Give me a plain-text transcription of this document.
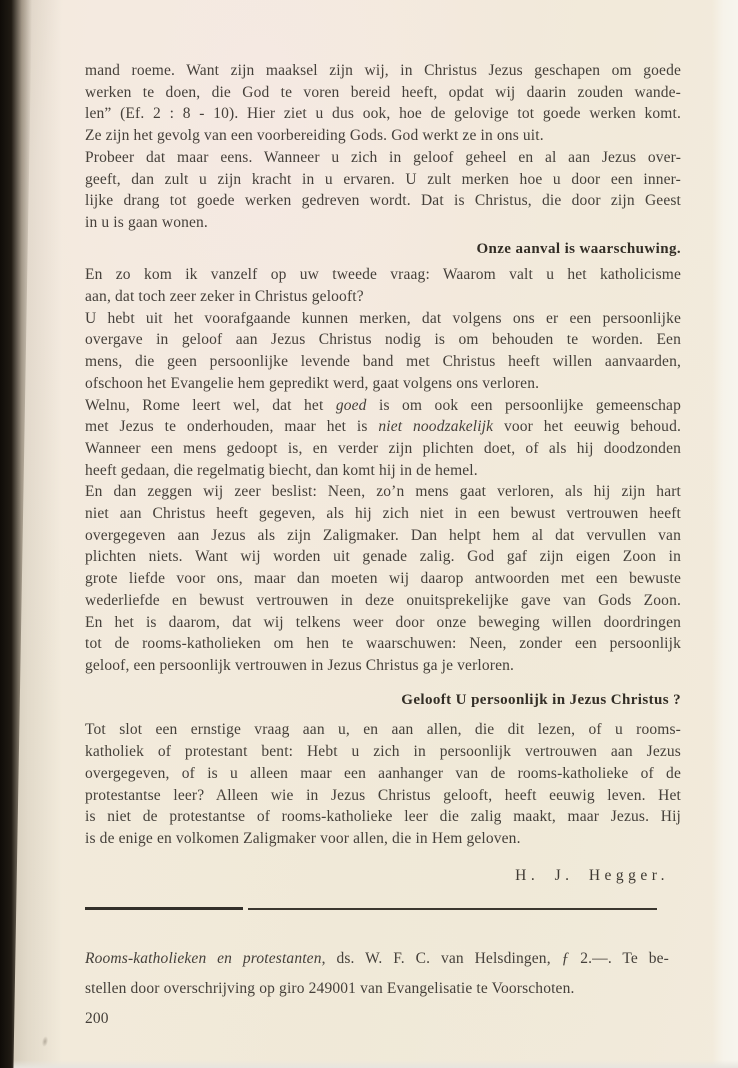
mand roeme. Want zijn maaksel zijn wij, in Christus Jezus geschapen om goede
werken te doen, die God te voren bereid heeft, opdat wij daarin zouden wande-
len” (Ef. 2 : 8 - 10). Hier ziet u dus ook, hoe de gelovige tot goede werken komt.
Ze zijn het gevolg van een voorbereiding Gods. God werkt ze in ons uit.
Probeer dat maar eens. Wanneer u zich in geloof geheel en al aan Jezus over-
geeft, dan zult u zijn kracht in u ervaren. U zult merken hoe u door een inner-
lijke drang tot goede werken gedreven wordt. Dat is Christus, die door zijn Geest
in u is gaan wonen.
Onze aanval is waarschuwing.
En zo kom ik vanzelf op uw tweede vraag: Waarom valt u het katholicisme
aan, dat toch zeer zeker in Christus gelooft?
U hebt uit het voorafgaande kunnen merken, dat volgens ons er een persoonlijke
overgave in geloof aan Jezus Christus nodig is om behouden te worden. Een
mens, die geen persoonlijke levende band met Christus heeft willen aanvaarden,
ofschoon het Evangelie hem gepredikt werd, gaat volgens ons verloren.
Welnu, Rome leert wel, dat het goed is om ook een persoonlijke gemeenschap
met Jezus te onderhouden, maar het is niet noodzakelijk voor het eeuwig behoud.
Wanneer een mens gedoopt is, en verder zijn plichten doet, of als hij doodzonden
heeft gedaan, die regelmatig biecht, dan komt hij in de hemel.
En dan zeggen wij zeer beslist: Neen, zo’n mens gaat verloren, als hij zijn hart
niet aan Christus heeft gegeven, als hij zich niet in een bewust vertrouwen heeft
overgegeven aan Jezus als zijn Zaligmaker. Dan helpt hem al dat vervullen van
plichten niets. Want wij worden uit genade zalig. God gaf zijn eigen Zoon in
grote liefde voor ons, maar dan moeten wij daarop antwoorden met een bewuste
wederliefde en bewust vertrouwen in deze onuitsprekelijke gave van Gods Zoon.
En het is daarom, dat wij telkens weer door onze beweging willen doordringen
tot de rooms-katholieken om hen te waarschuwen: Neen, zonder een persoonlijk
geloof, een persoonlijk vertrouwen in Jezus Christus ga je verloren.
Gelooft U persoonlijk in Jezus Christus ?
Tot slot een ernstige vraag aan u, en aan allen, die dit lezen, of u rooms-
katholiek of protestant bent: Hebt u zich in persoonlijk vertrouwen aan Jezus
overgegeven, of is u alleen maar een aanhanger van de rooms-katholieke of de
protestantse leer? Alleen wie in Jezus Christus gelooft, heeft eeuwig leven. Het
is niet de protestantse of rooms-katholieke leer die zalig maakt, maar Jezus. Hij
is de enige en volkomen Zaligmaker voor allen, die in Hem geloven.
H. J. Hegger.
Rooms-katholieken en protestanten, ds. W. F. C. van Helsdingen, ƒ 2.—. Te be-
stellen door overschrijving op giro 249001 van Evangelisatie te Voorschoten.
200
